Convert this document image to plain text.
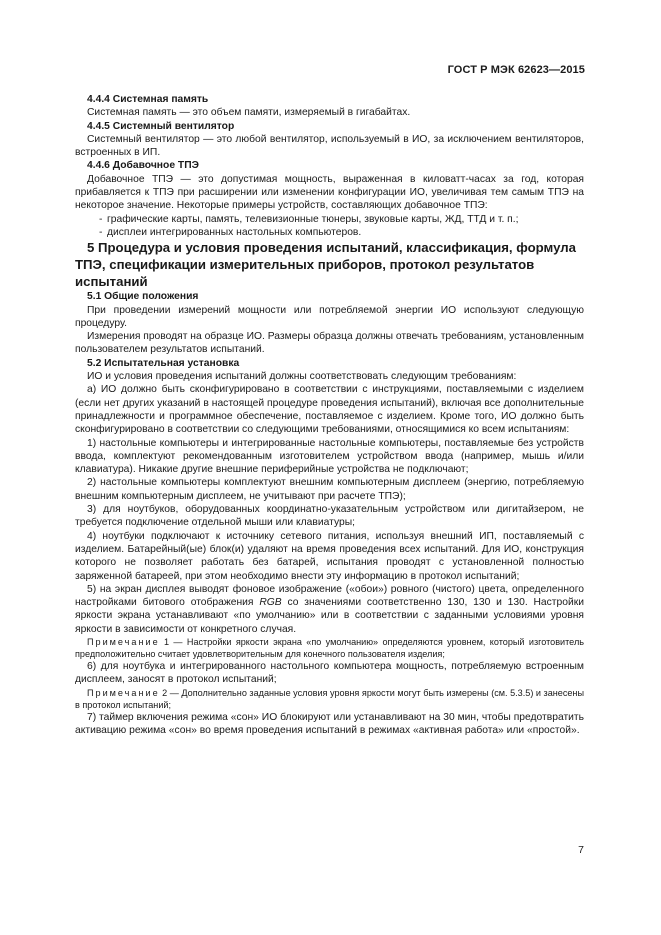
ГОСТ Р МЭК 62623—2015

4.4.4 Системная память

Системная память — это объем памяти, измеряемый в гигабайтах.

4.4.5 Системный вентилятор

Системный вентилятор — это любой вентилятор, используемый в ИО, за исключением вентиляторов, встроенных в ИП.

4.4.6 Добавочное ТПЭ

Добавочное ТПЭ — это допустимая мощность, выраженная в киловатт-часах за год, которая прибавляется к ТПЭ при расширении или изменении конфигурации ИО, увеличивая тем самым ТПЭ на некоторое значение. Некоторые примеры устройств, составляющих добавочное ТПЭ:

- графические карты, память, телевизионные тюнеры, звуковые карты, ЖД, ТТД и т. п.;

- дисплеи интегрированных настольных компьютеров.

5 Процедура и условия проведения испытаний, классификация, формула ТПЭ, спецификации измерительных приборов, протокол результатов испытаний

5.1 Общие положения

При проведении измерений мощности или потребляемой энергии ИО используют следующую процедуру.

Измерения проводят на образце ИО. Размеры образца должны отвечать требованиям, установленным пользователем результатов испытаний.

5.2 Испытательная установка

ИО и условия проведения испытаний должны соответствовать следующим требованиям:

а) ИО должно быть сконфигурировано в соответствии с инструкциями, поставляемыми с изделием (если нет других указаний в настоящей процедуре проведения испытаний), включая все дополнительные принадлежности и программное обеспечение, поставляемое с изделием. Кроме того, ИО должно быть сконфигурировано в соответствии со следующими требованиями, относящимися ко всем испытаниям:

1) настольные компьютеры и интегрированные настольные компьютеры, поставляемые без устройств ввода, комплектуют рекомендованным изготовителем устройством ввода (например, мышь и/или клавиатура). Никакие другие внешние периферийные устройства не подключают;

2) настольные компьютеры комплектуют внешним компьютерным дисплеем (энергию, потребляемую внешним компьютерным дисплеем, не учитывают при расчете ТПЭ);

3) для ноутбуков, оборудованных координатно-указательным устройством или дигитайзером, не требуется подключение отдельной мыши или клавиатуры;

4) ноутбуки подключают к источнику сетевого питания, используя внешний ИП, поставляемый с изделием. Батарейный(ые) блок(и) удаляют на время проведения всех испытаний. Для ИО, конструкция которого не позволяет работать без батарей, испытания проводят с установленной полностью заряженной батареей, при этом необходимо внести эту информацию в протокол испытаний;

5) на экран дисплея выводят фоновое изображение («обои») ровного (чистого) цвета, определенного настройками битового отображения RGB со значениями соответственно 130, 130 и 130. Настройки яркости экрана устанавливают «по умолчанию» или в соответствии с заданными условиями уровня яркости в зависимости от конкретного случая.

Примечание 1 — Настройки яркости экрана «по умолчанию» определяются уровнем, который изготовитель предположительно считает удовлетворительным для конечного пользователя изделия;

6) для ноутбука и интегрированного настольного компьютера мощность, потребляемую встроенным дисплеем, заносят в протокол испытаний;

Примечание 2 — Дополнительно заданные условия уровня яркости могут быть измерены (см. 5.3.5) и занесены в протокол испытаний;

7) таймер включения режима «сон» ИО блокируют или устанавливают на 30 мин, чтобы предотвратить активацию режима «сон» во время проведения испытаний в режимах «активная работа» или «простой».

7
